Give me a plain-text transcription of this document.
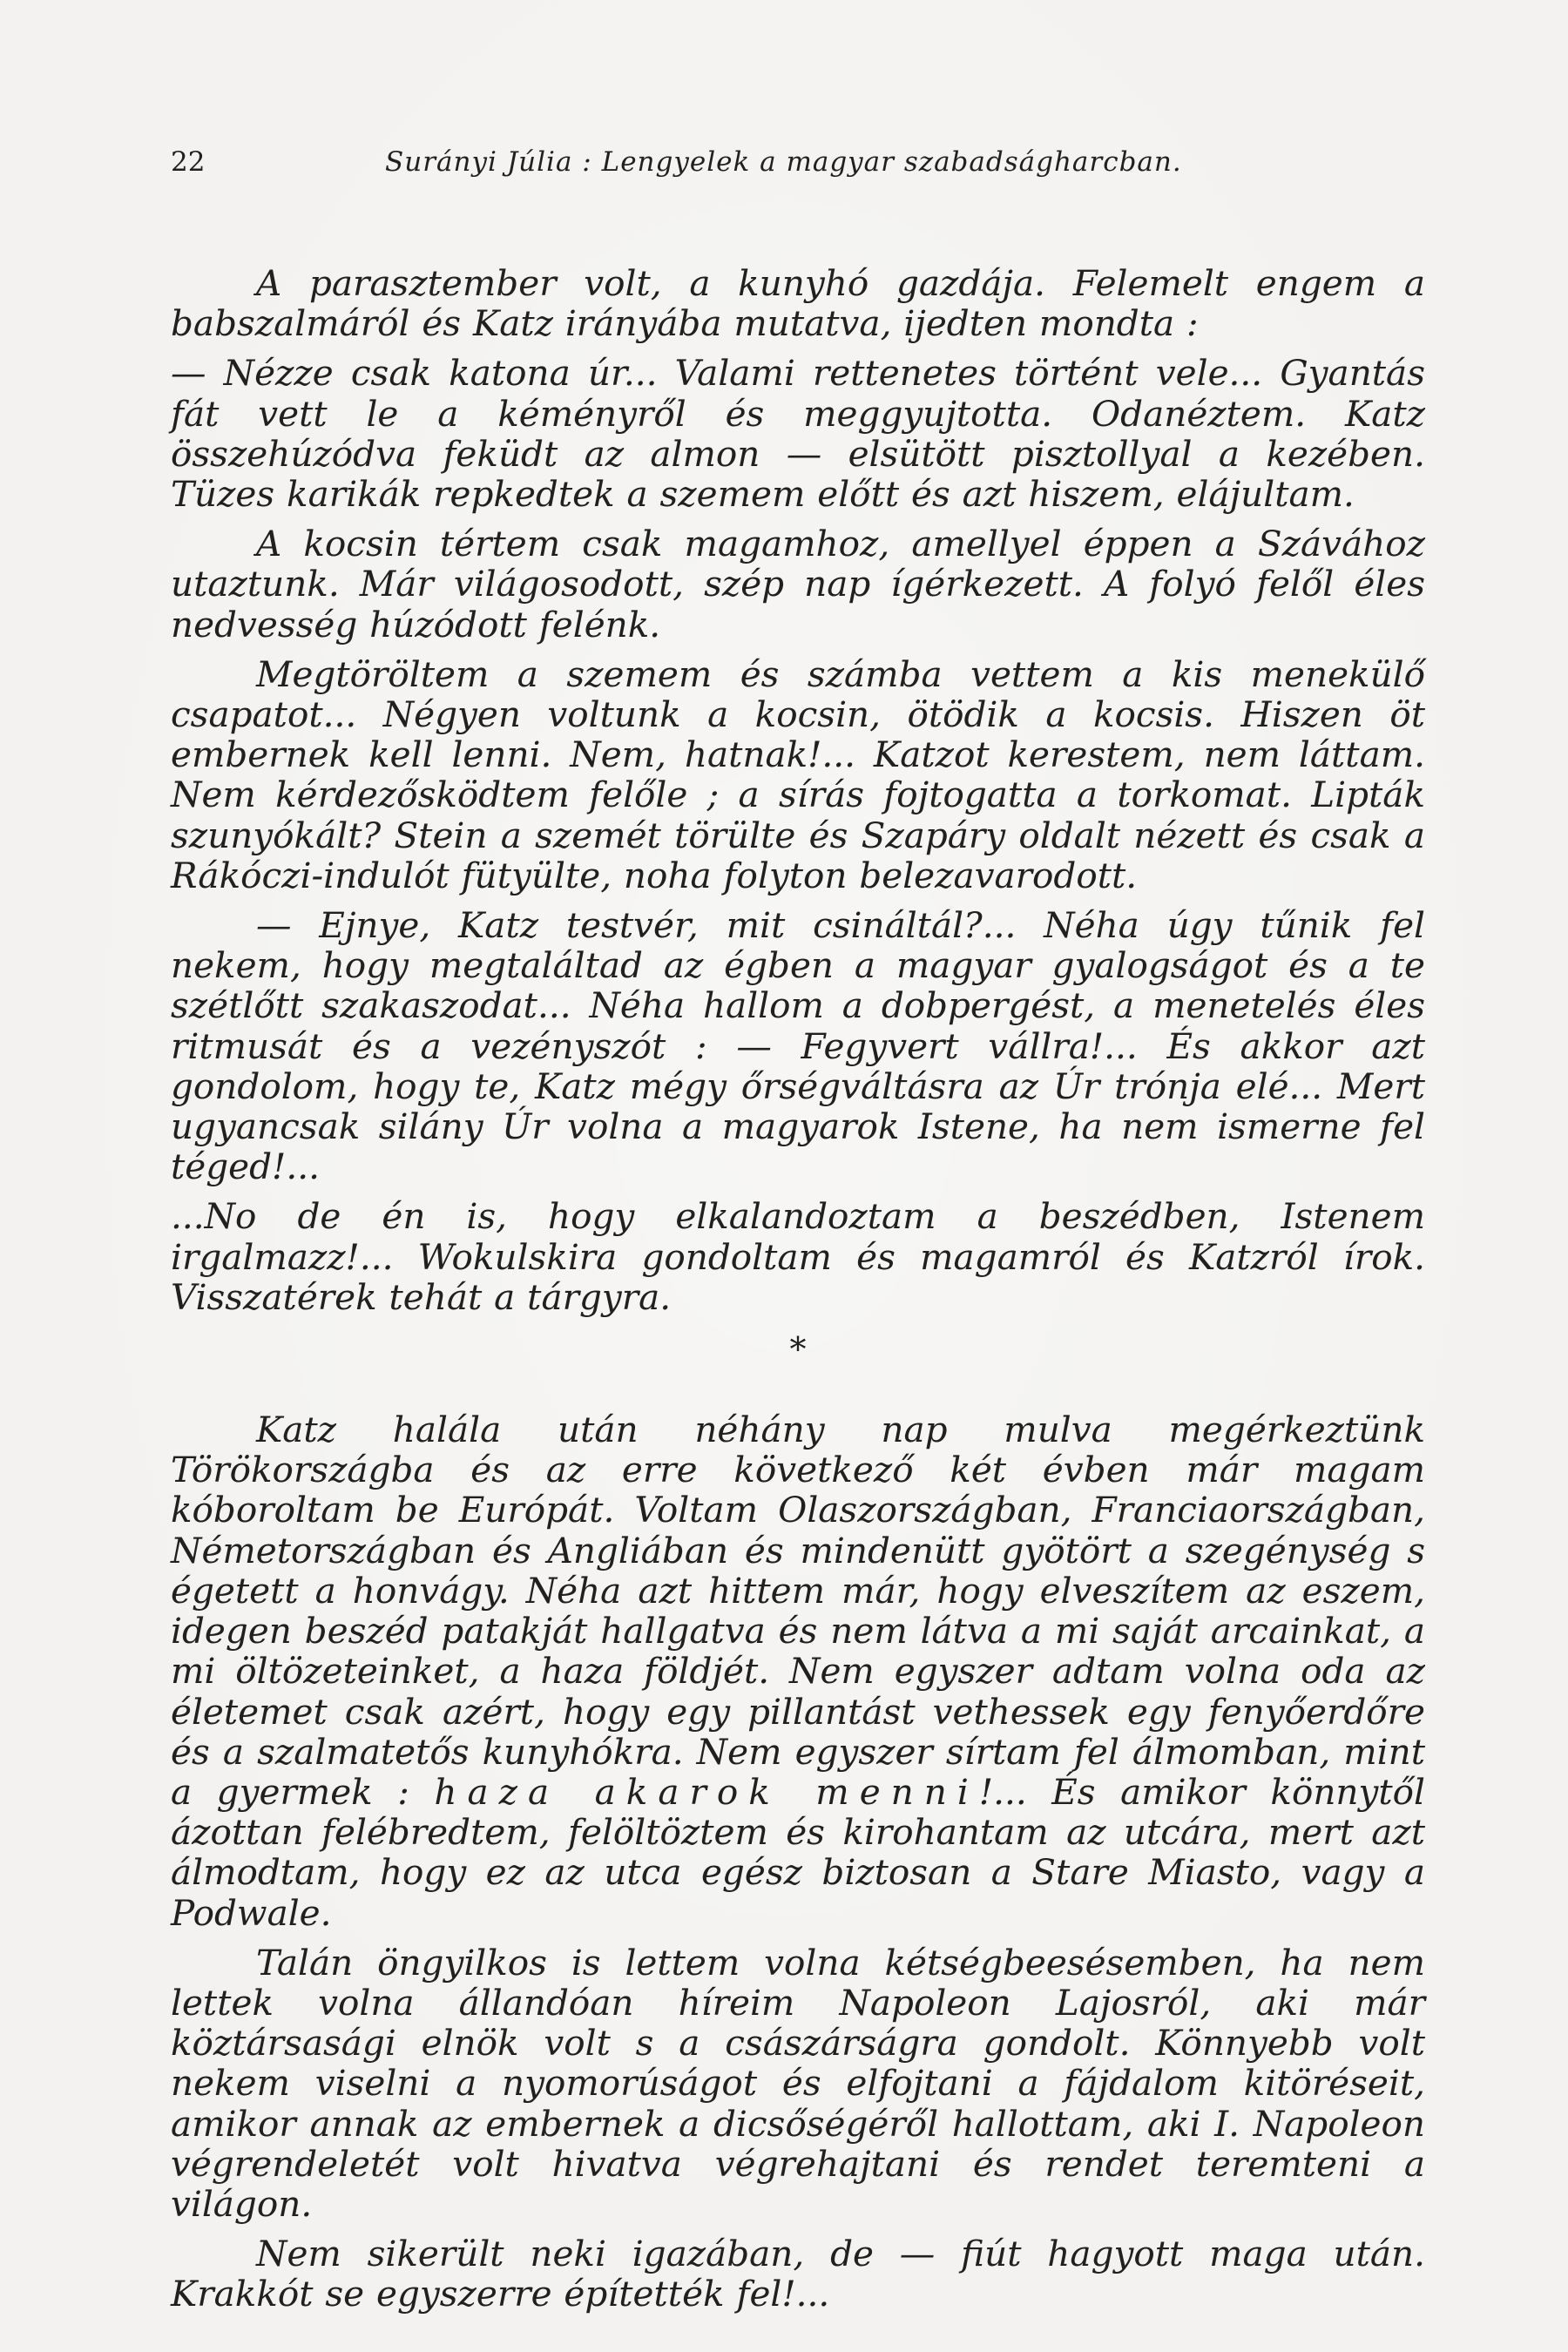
22	Surányi Júlia : Lengyelek a magyar szabadságharcban.

A parasztember volt, a kunyhó gazdája. Felemelt engem a babszalmáról és Katz irányába mutatva, ijedten mondta :

— Nézze csak katona úr... Valami rettenetes történt vele... Gyantás fát vett le a kéményről és meggyujtotta. Odanéztem. Katz összehúzódva feküdt az almon — elsütött pisztollyal a kezében. Tüzes karikák repkedtek a szemem előtt és azt hiszem, elájultam.

A kocsin tértem csak magamhoz, amellyel éppen a Szávához utaztunk. Már világosodott, szép nap ígérkezett. A folyó felől éles nedvesség húzódott felénk.

Megtöröltem a szemem és számba vettem a kis menekülő csapatot... Négyen voltunk a kocsin, ötödik a kocsis. Hiszen öt embernek kell lenni. Nem, hatnak!... Katzot kerestem, nem láttam. Nem kérdezősködtem felőle ; a sírás fojtogatta a torkomat. Lipták szunyókált? Stein a szemét törülte és Szapáry oldalt nézett és csak a Rákóczi-indulót fütyülte, noha folyton belezavarodott.

— Ejnye, Katz testvér, mit csináltál?... Néha úgy tűnik fel nekem, hogy megtaláltad az égben a magyar gyalogságot és a te szétlőtt szakaszodat... Néha hallom a dobpergést, a menetelés éles ritmusát és a vezényszót : — Fegyvert vállra!... És akkor azt gondolom, hogy te, Katz mégy őrségváltásra az Úr trónja elé... Mert ugyancsak silány Úr volna a magyarok Istene, ha nem ismerne fel téged!...

...No de én is, hogy elkalandoztam a beszédben, Istenem irgalmazz!... Wokulskira gondoltam és magamról és Katzról írok. Visszatérek tehát a tárgyra.

*

Katz halála után néhány nap mulva megérkeztünk Törökországba és az erre következő két évben már magam kóboroltam be Európát. Voltam Olaszországban, Franciaországban, Németországban és Angliában és mindenütt gyötört a szegénység s égetett a honvágy. Néha azt hittem már, hogy elveszítem az eszem, idegen beszéd patakját hallgatva és nem látva a mi saját arcainkat, a mi öltözeteinket, a haza földjét. Nem egyszer adtam volna oda az életemet csak azért, hogy egy pillantást vethessek egy fenyőerdőre és a szalmatetős kunyhókra. Nem egyszer sírtam fel álmomban, mint a gyermek : haza akarok menni!... És amikor könnytől ázottan felébredtem, felöltöztem és kirohantam az utcára, mert azt álmodtam, hogy ez az utca egész biztosan a Stare Miasto, vagy a Podwale.

Talán öngyilkos is lettem volna kétségbeesésemben, ha nem lettek volna állandóan híreim Napoleon Lajosról, aki már köztársasági elnök volt s a császárságra gondolt. Könnyebb volt nekem viselni a nyomorúságot és elfojtani a fájdalom kitöréseit, amikor annak az embernek a dicsőségéről hallottam, aki I. Napoleon végrendeletét volt hivatva végrehajtani és rendet teremteni a világon.

Nem sikerült neki igazában, de — fiút hagyott maga után. Krakkót se egyszerre építették fel!...
